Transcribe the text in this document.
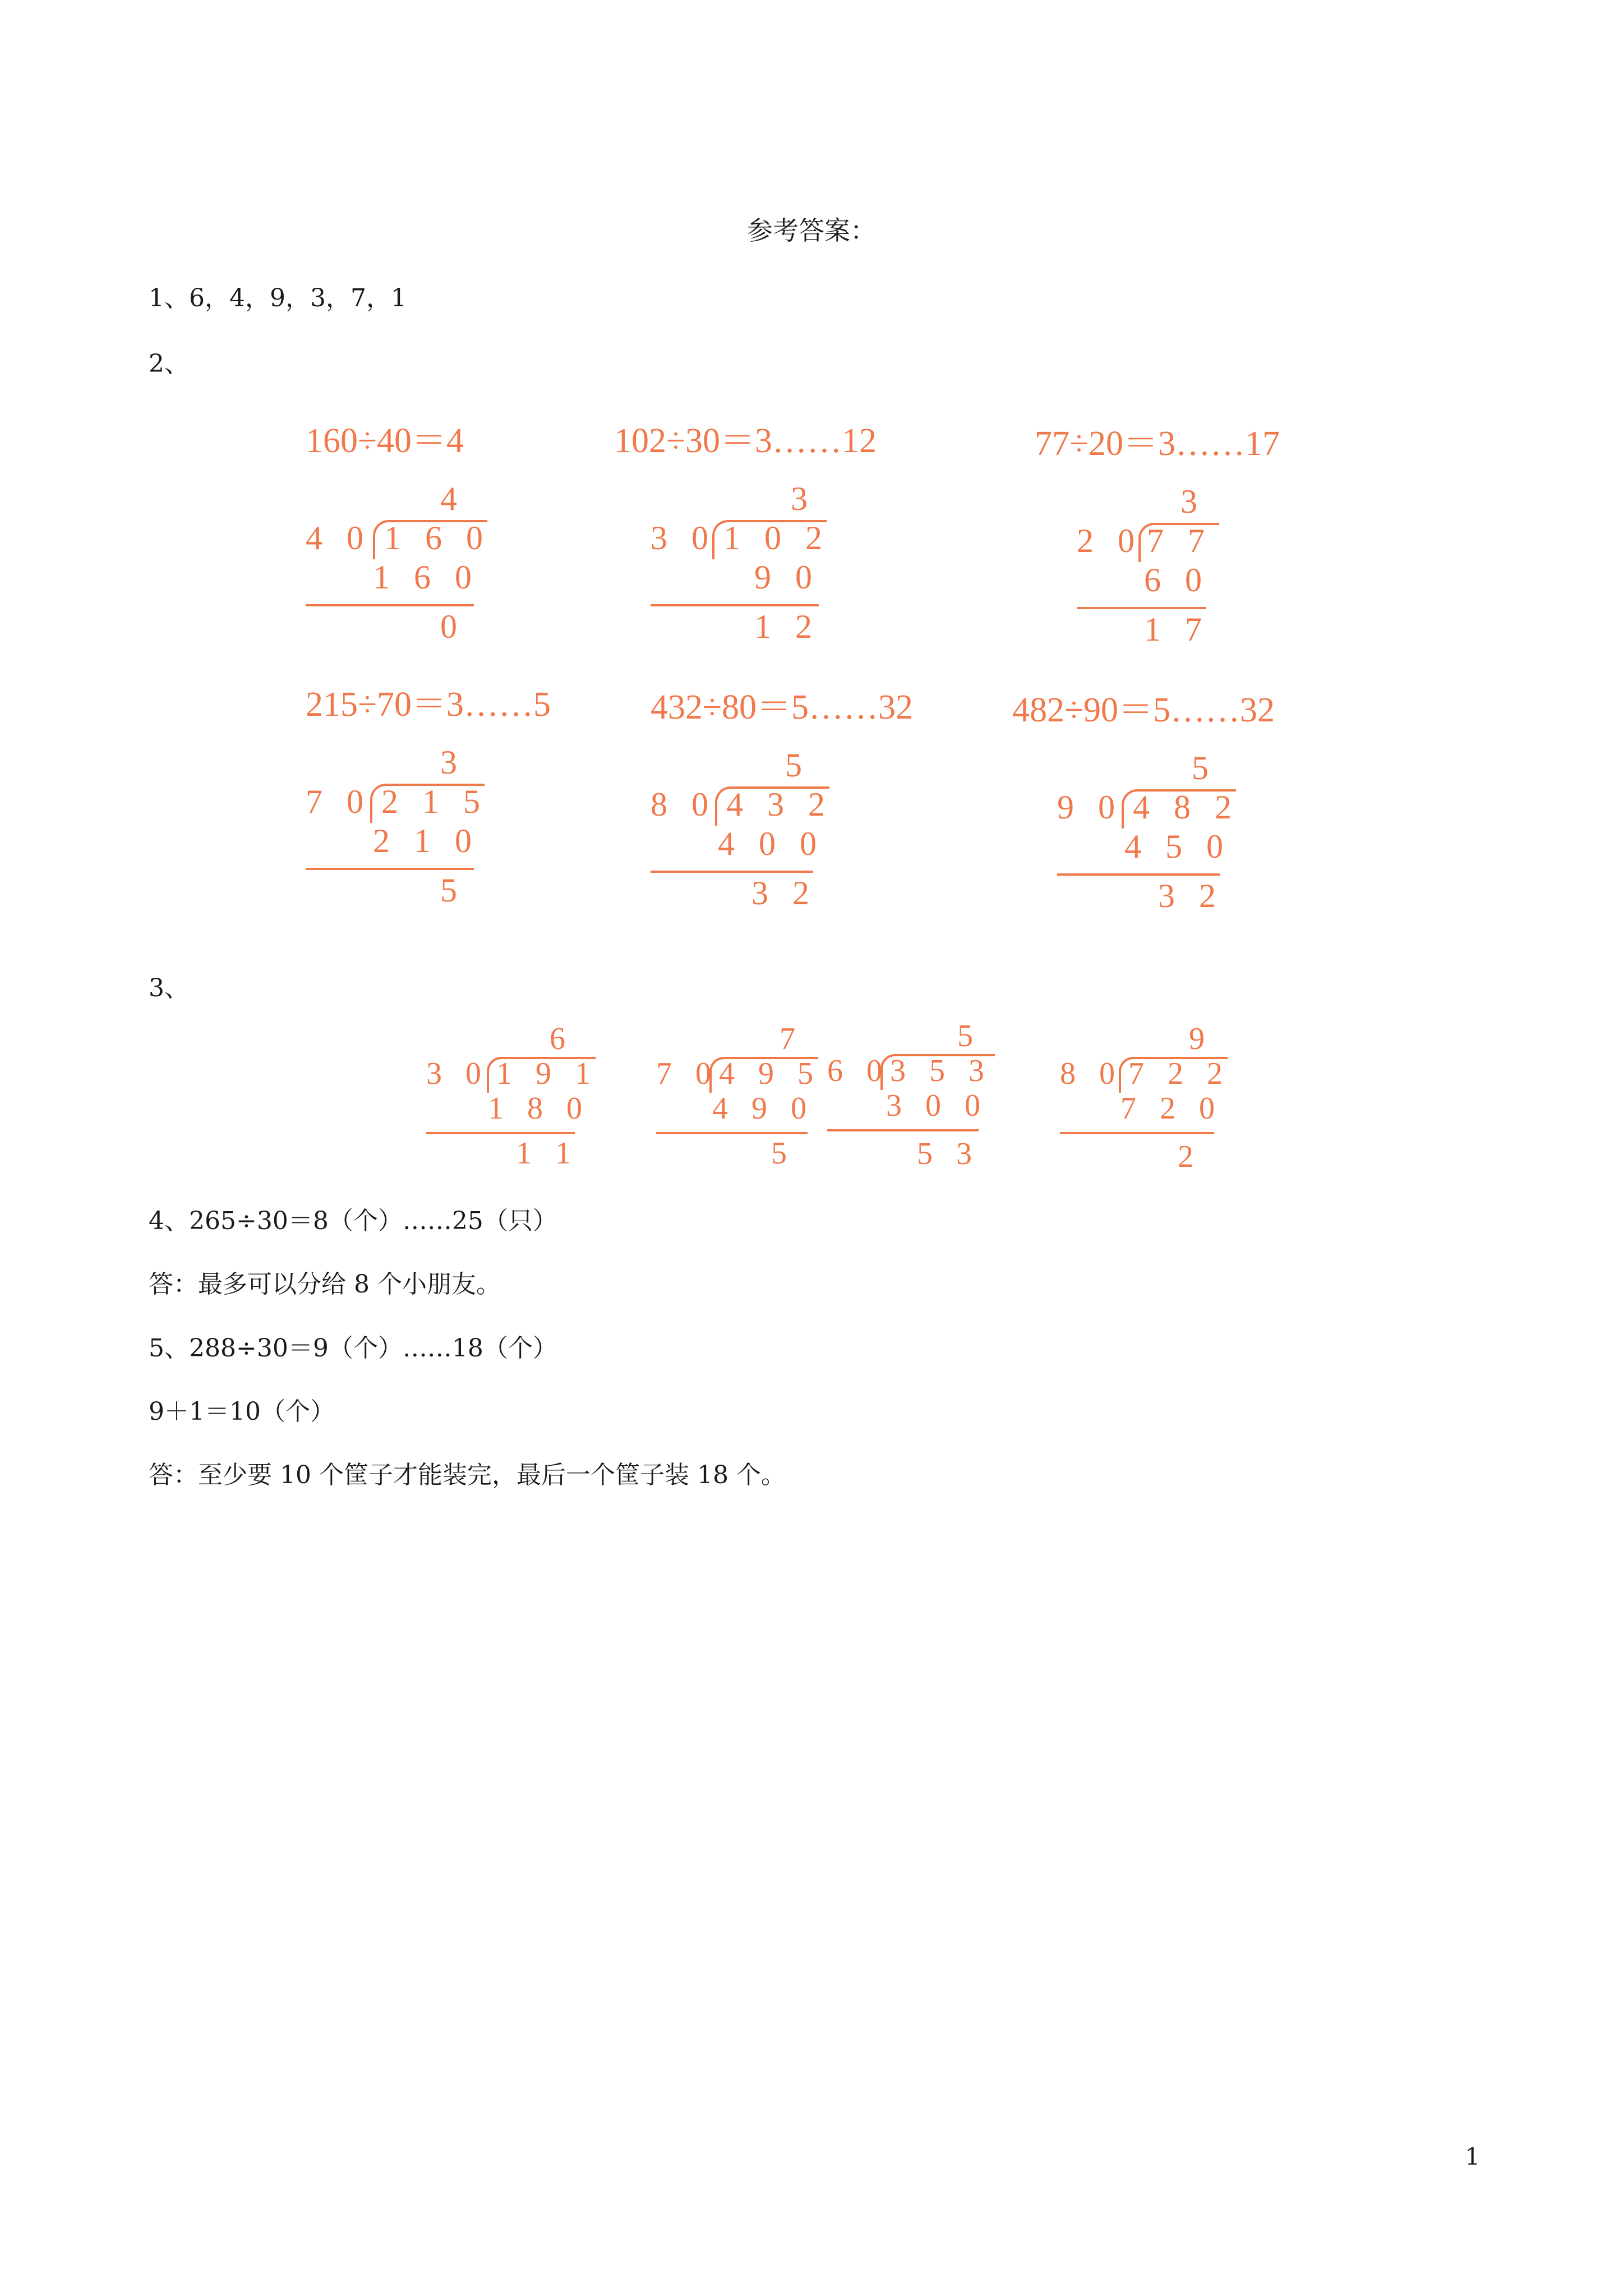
参考答案：
1、6，4，9，3，7，1
2、
160÷40＝4	102÷30＝3……12	77÷20＝3……17
215÷70＝3……5	432÷80＝5……32	482÷90＝5……32
4
4 0 1 6 0
1 6 0
0
3
3 0 1 0 2
9 0
1 2
3
2 0 7 7
6 0
1 7
3
7 0 2 1 5
2 1 0
5
5
8 0 4 3 2
4 0 0
3 2
5
9 0 4 8 2
4 5 0
3 2
3、
6
3 0 1 9 1
1 8 0
1 1
7
7 0 4 9 5
4 9 0
5
5
6 0 3 5 3
3 0 0
5 3
9
8 0 7 2 2
7 2 0
2
4、265÷30＝8（个）……25（只）
答：最多可以分给 8 个小朋友。
5、288÷30＝9（个）……18（个）
9＋1＝10（个）
答：至少要 10 个筐子才能装完，最后一个筐子装 18 个。
1
